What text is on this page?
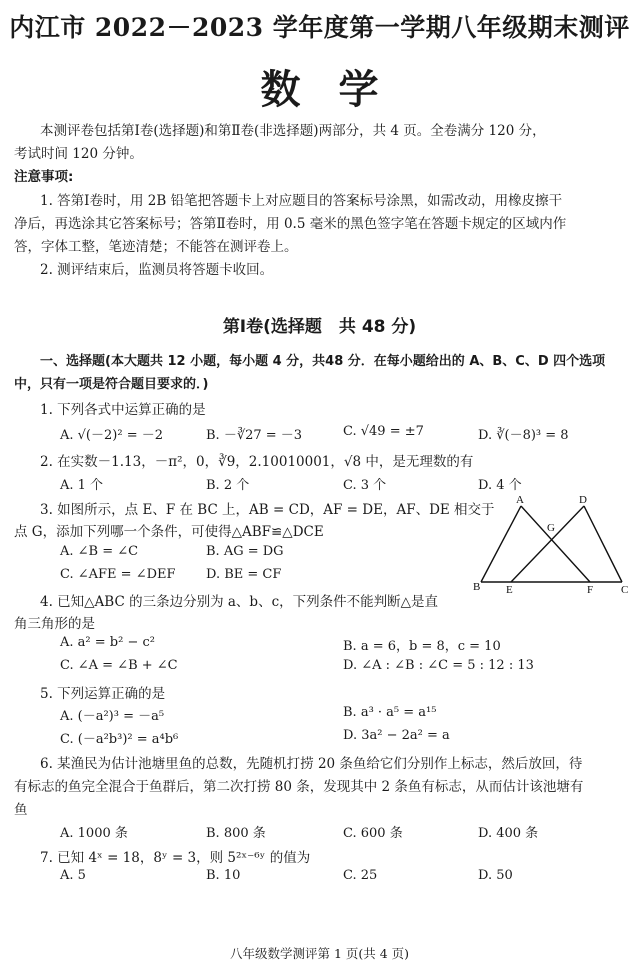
内江市 2022－2023 学年度第一学期八年级期末测评
数学
本测评卷包括第Ⅰ卷(选择题)和第Ⅱ卷(非选择题)两部分，共 4 页。全卷满分 120 分，
考试时间 120 分钟。
注意事项:
1. 答第Ⅰ卷时，用 2B 铅笔把答题卡上对应题目的答案标号涂黑，如需改动，用橡皮擦干
净后，再选涂其它答案标号；答第Ⅱ卷时，用 0.5 毫米的黑色签字笔在答题卡规定的区域内作
答，字体工整，笔迹清楚；不能答在测评卷上。
2. 测评结束后，监测员将答题卡收回。
第Ⅰ卷(选择题　共 48 分)
一、选择题(本大题共 12 小题，每小题 4 分，共48 分．在每小题给出的 A、B、C、D 四个选项
中，只有一项是符合题目要求的．)
1. 下列各式中运算正确的是
A. √(－2)² = －2	B. －∛27 = －3	C. √49 = ±7	D. ∛(－8)³ = 8
2. 在实数－1.13，－π²，0，∛9，2.10010001，√8 中，是无理数的有
A. 1 个	B. 2 个	C. 3 个	D. 4 个
3. 如图所示，点 E、F 在 BC 上，AB = CD，AF = DE，AF、DE 相交于
点 G，添加下列哪一个条件，可使得△ABF≌△DCE
A. ∠B = ∠C	B. AG = DG
C. ∠AFE = ∠DEF D. BE = CF
A	D
G
B E	F	C
4. 已知△ABC 的三条边分别为 a、b、c，下列条件不能判断△是直
角三角形的是
A. a² = b² − c²	B. a = 6，b = 8，c = 10
C. ∠A = ∠B + ∠C	D. ∠A : ∠B : ∠C = 5 : 12 : 13
5. 下列运算正确的是
A. (－a²)³ = －a⁵	B. a³ · a⁵ = a¹⁵
C. (－a²b³)² = a⁴b⁶	D. 3a² − 2a² = a
6. 某渔民为估计池塘里鱼的总数，先随机打捞 20 条鱼给它们分别作上标志，然后放回，待
有标志的鱼完全混合于鱼群后，第二次打捞 80 条，发现其中 2 条鱼有标志，从而估计该池塘有
鱼
A. 1000 条	B. 800 条	C. 600 条	D. 400 条
7. 已知 4ˣ = 18，8ʸ = 3，则 5²ˣ⁻⁶ʸ 的值为
A. 5	B. 10	C. 25	D. 50
八年级数学测评第 1 页(共 4 页)
